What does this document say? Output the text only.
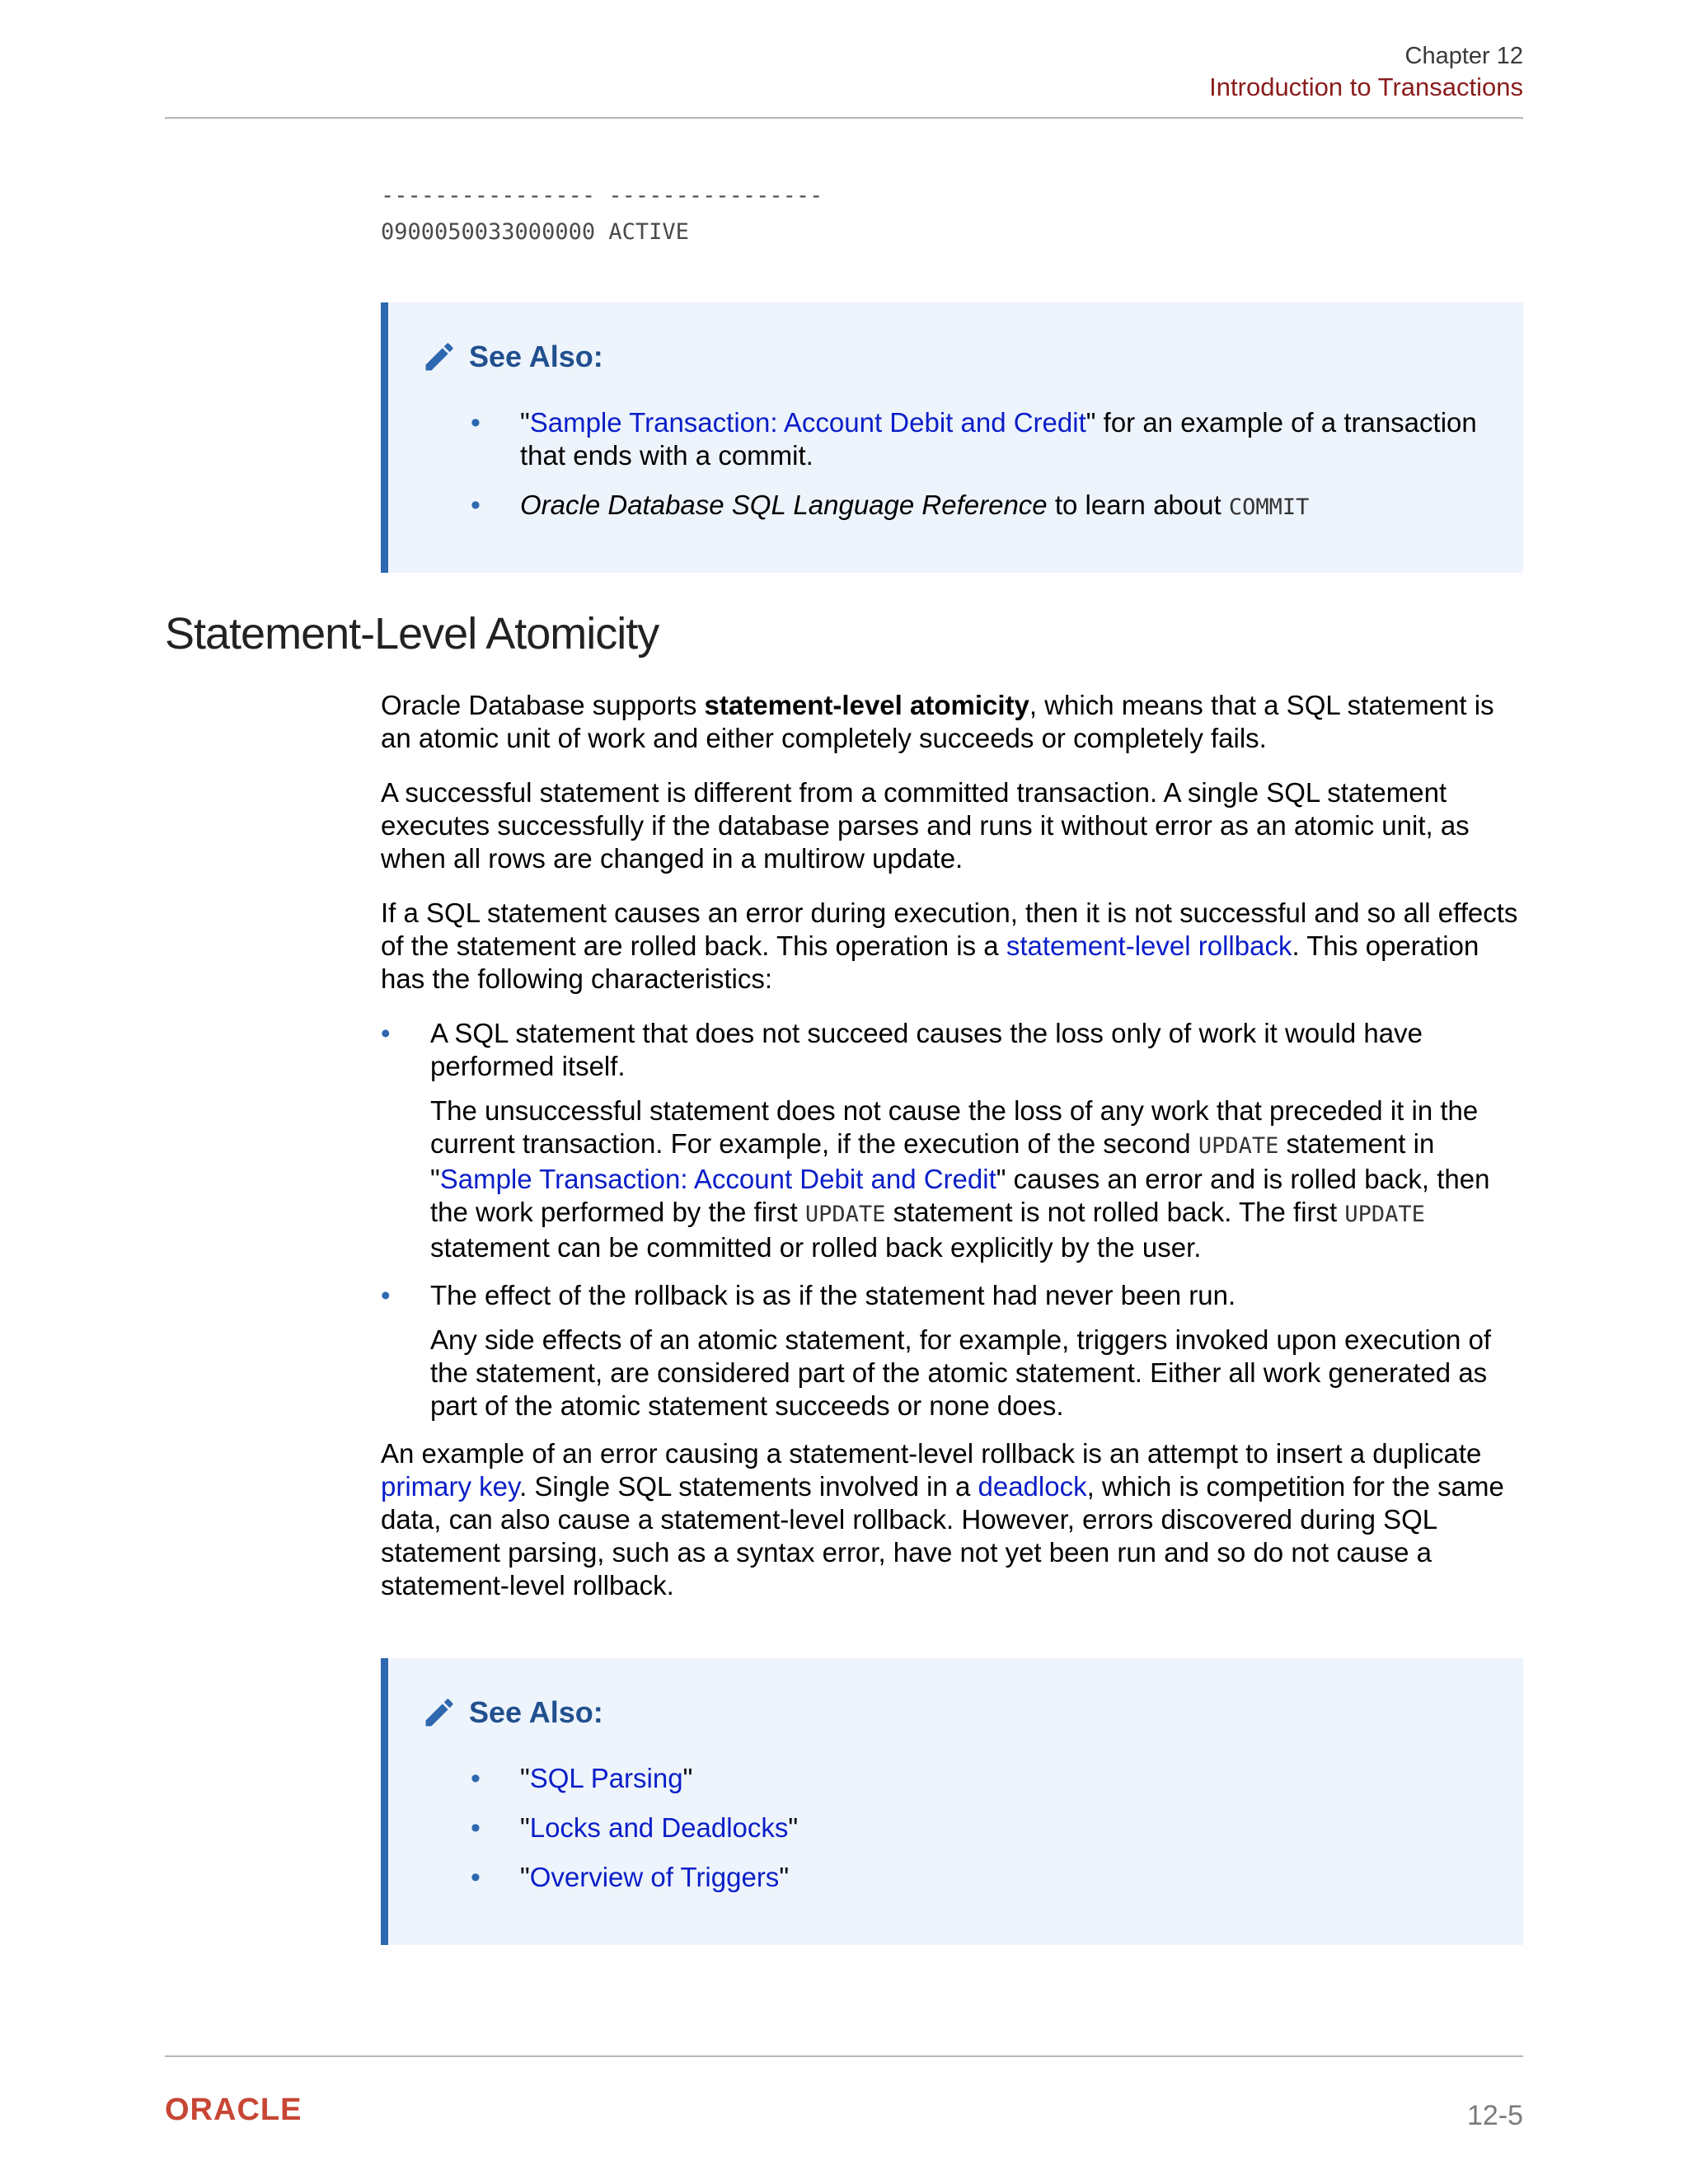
Chapter 12
Introduction to Transactions
---------------- ----------------
0900050033000000 ACTIVE
See Also:
• "Sample Transaction: Account Debit and Credit" for an example of a transaction that ends with a commit.
• Oracle Database SQL Language Reference to learn about COMMIT
Statement-Level Atomicity

Oracle Database supports statement-level atomicity, which means that a SQL statement is an atomic unit of work and either completely succeeds or completely fails.

A successful statement is different from a committed transaction. A single SQL statement executes successfully if the database parses and runs it without error as an atomic unit, as when all rows are changed in a multirow update.

If a SQL statement causes an error during execution, then it is not successful and so all effects of the statement are rolled back. This operation is a statement-level rollback. This operation has the following characteristics:

• A SQL statement that does not succeed causes the loss only of work it would have performed itself.

The unsuccessful statement does not cause the loss of any work that preceded it in the current transaction. For example, if the execution of the second UPDATE statement in "Sample Transaction: Account Debit and Credit" causes an error and is rolled back, then the work performed by the first UPDATE statement is not rolled back. The first UPDATE statement can be committed or rolled back explicitly by the user.

• The effect of the rollback is as if the statement had never been run.

Any side effects of an atomic statement, for example, triggers invoked upon execution of the statement, are considered part of the atomic statement. Either all work generated as part of the atomic statement succeeds or none does.

An example of an error causing a statement-level rollback is an attempt to insert a duplicate primary key. Single SQL statements involved in a deadlock, which is competition for the same data, can also cause a statement-level rollback. However, errors discovered during SQL statement parsing, such as a syntax error, have not yet been run and so do not cause a statement-level rollback.

See Also:
• "SQL Parsing"
• "Locks and Deadlocks"
• "Overview of Triggers"
ORACLE	12-5
